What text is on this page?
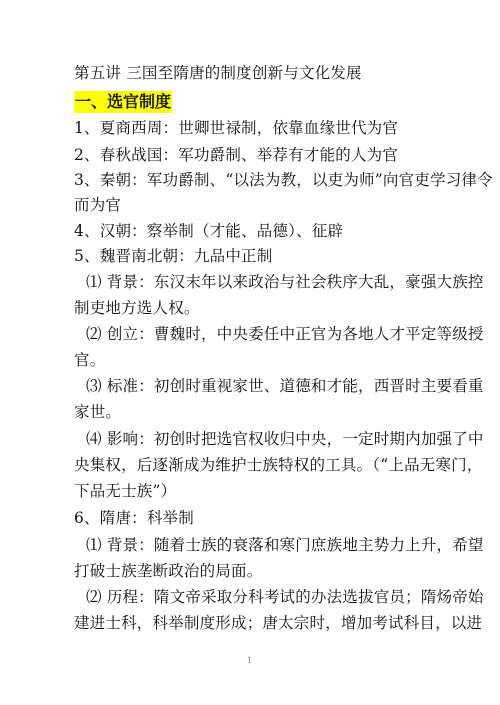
第五讲 三国至隋唐的制度创新与文化发展
一、选官制度
1、夏商西周：世卿世禄制，依靠血缘世代为官
2、春秋战国：军功爵制、举荐有才能的人为官
3、秦朝：军功爵制、“以法为教，以吏为师”向官吏学习律令
而为官
4、汉朝：察举制（才能、品德）、征辟
5、魏晋南北朝：九品中正制
⑴ 背景：东汉末年以来政治与社会秩序大乱，豪强大族控
制吏地方选人权。
⑵ 创立：曹魏时，中央委任中正官为各地人才平定等级授
官。
⑶ 标准：初创时重视家世、道德和才能，西晋时主要看重
家世。
⑷ 影响：初创时把选官权收归中央，一定时期内加强了中
央集权，后逐渐成为维护士族特权的工具。（“上品无寒门，
下品无士族”）
6、隋唐：科举制
⑴ 背景：随着士族的衰落和寒门庶族地主势力上升，希望
打破士族垄断政治的局面。
⑵ 历程：隋文帝采取分科考试的办法选拔官员；隋炀帝始
建进士科，科举制度形成；唐太宗时，增加考试科目，以进
1
